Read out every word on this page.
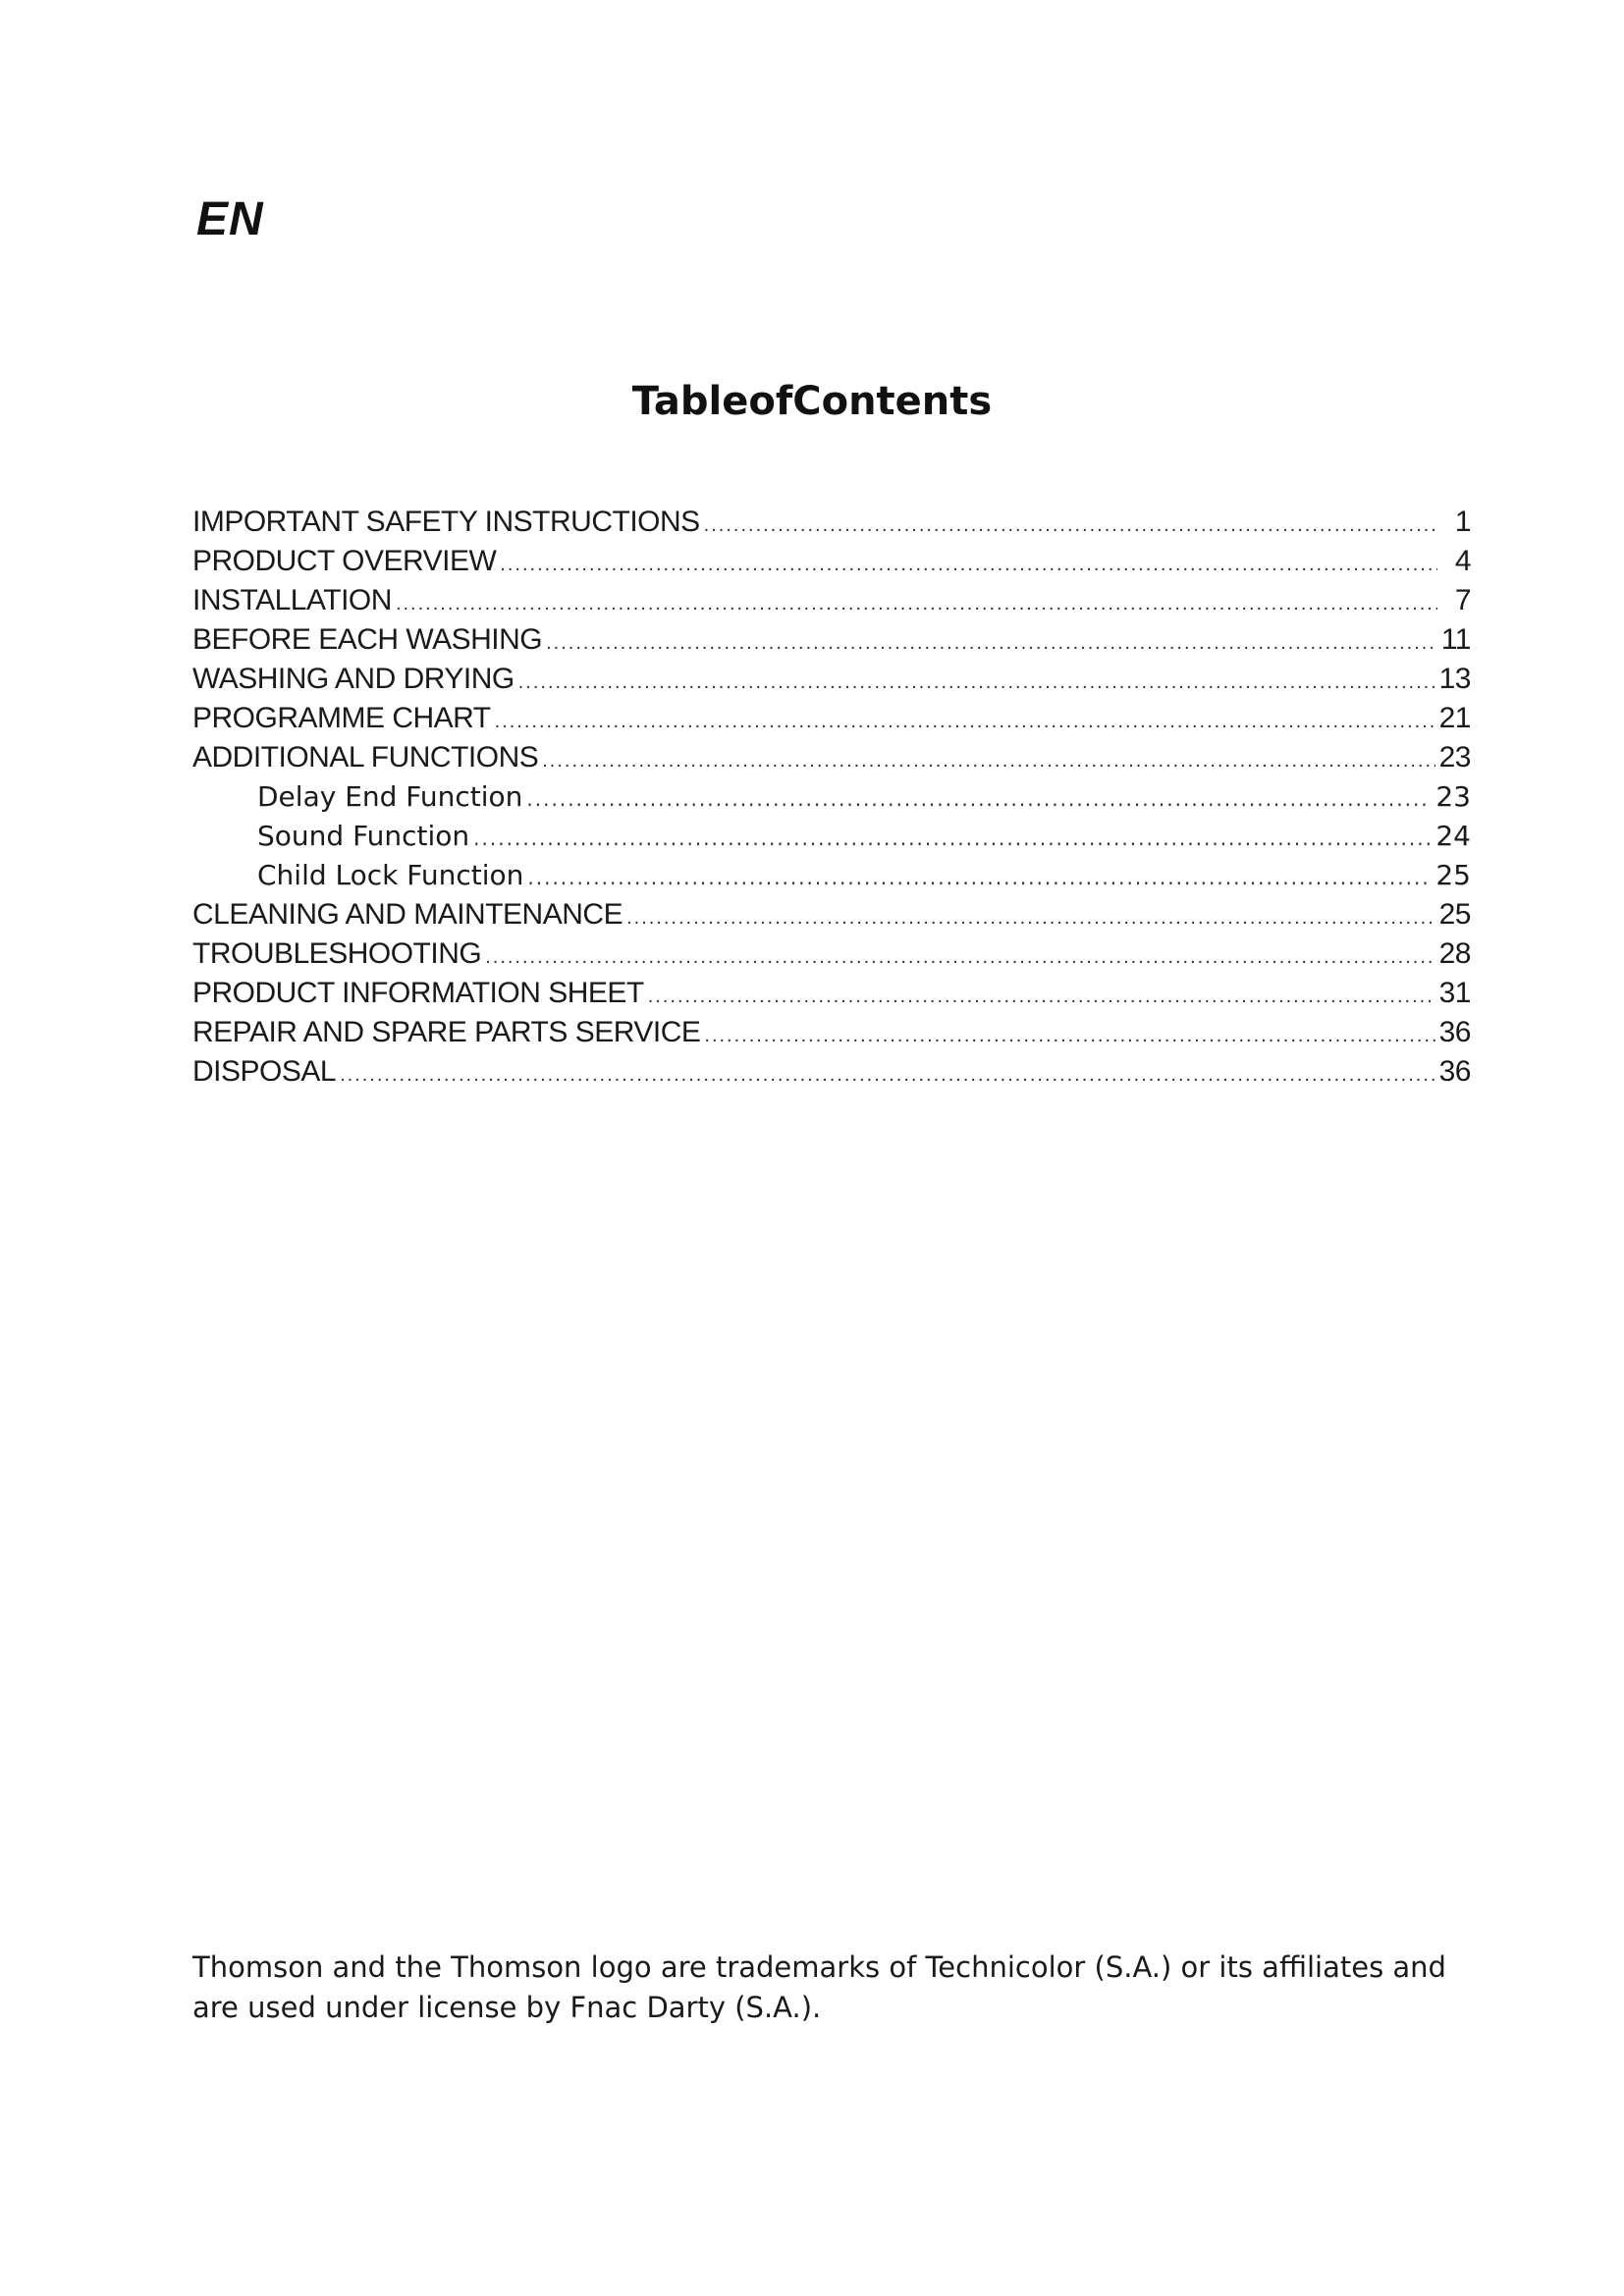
EN
TableofContents
IMPORTANT SAFETY INSTRUCTIONS .....	1
PRODUCT OVERVIEW .....	4
INSTALLATION .....	7
BEFORE EACH WASHING .....	11
WASHING AND DRYING .....	13
PROGRAMME CHART .....	21
ADDITIONAL FUNCTIONS .....	23
Delay End Function .....	23
Sound Function .....	24
Child Lock Function .....	25
CLEANING AND MAINTENANCE .....	25
TROUBLESHOOTING .....	28
PRODUCT INFORMATION SHEET .....	31
REPAIR AND SPARE PARTS SERVICE .....	36
DISPOSAL .....	36

Thomson and the Thomson logo are trademarks of Technicolor (S.A.) or its affiliates and are used under license by Fnac Darty (S.A.).
